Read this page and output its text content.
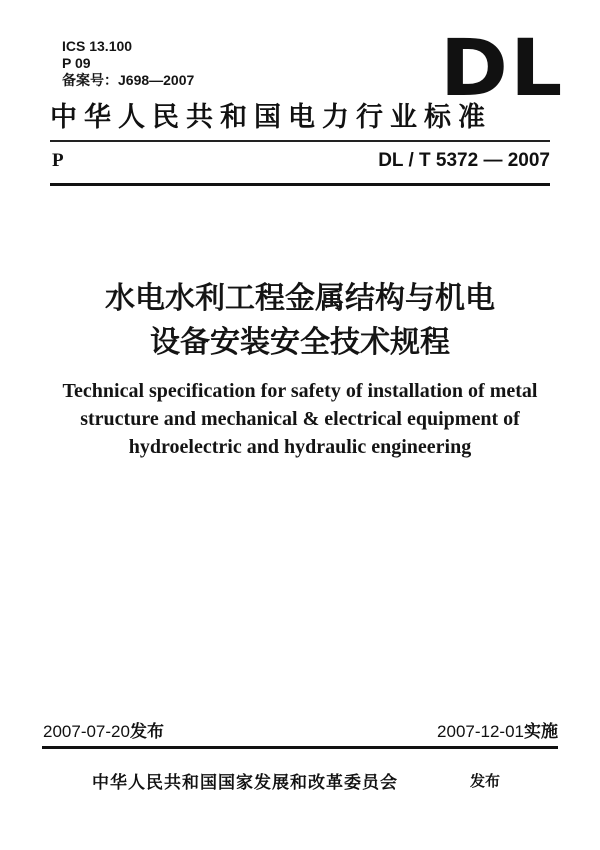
ICS 13.100
P 09
备案号：J698—2007	DL
中华人民共和国电力行业标准
P	DL / T 5372 — 2007
水电水利工程金属结构与机电
设备安装安全技术规程
Technical specification for safety of installation of metal
structure and mechanical & electrical equipment of
hydroelectric and hydraulic engineering
2007-07-20发布	2007-12-01实施
中华人民共和国国家发展和改革委员会	发布
